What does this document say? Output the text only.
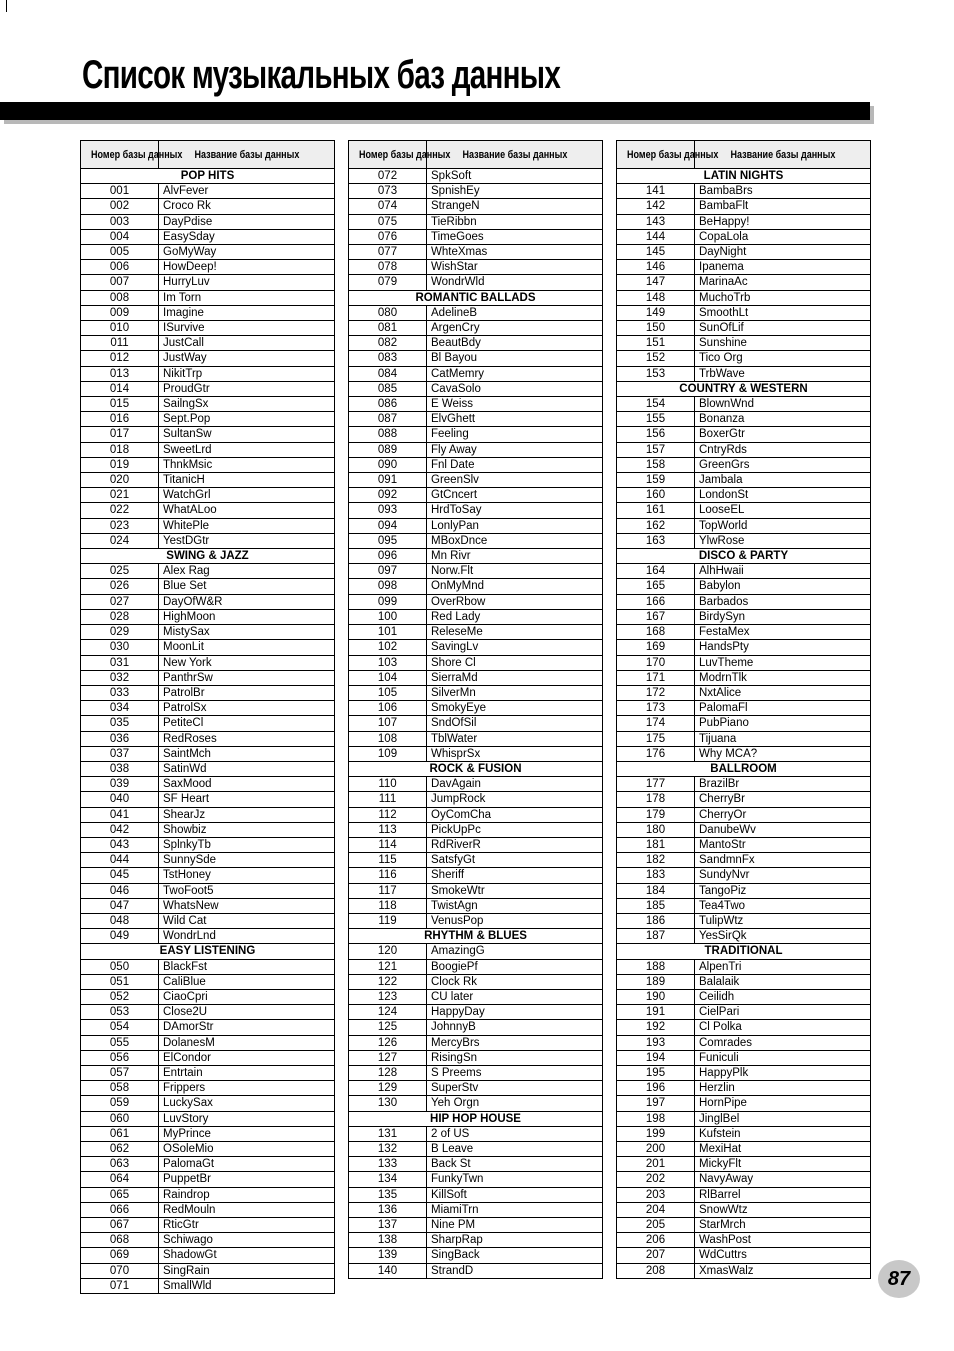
Список музыкальных баз данных
Номер базы данных	Название базы данных
POP HITS	
001	AlvFever
002	Croco Rk
003	DayPdise
004	EasySday
005	GoMyWay
006	HowDeep!
007	HurryLuv
008	Im Torn
009	Imagine
010	ISurvive
011	JustCall
012	JustWay
013	NikitTrp
014	ProudGtr
015	SailngSx
016	Sept.Pop
017	SultanSw
018	SweetLrd
019	ThnkMsic
020	TitanicH
021	WatchGrl
022	WhatALoo
023	WhitePle
024	YestDGtr
SWING & JAZZ	
025	Alex Rag
026	Blue Set
027	DayOfW&R
028	HighMoon
029	MistySax
030	MoonLit
031	New York
032	PanthrSw
033	PatrolBr
034	PatrolSx
035	PetiteCl
036	RedRoses
037	SaintMch
038	SatinWd
039	SaxMood
040	SF Heart
041	ShearJz
042	Showbiz
043	SplnkyTb
044	SunnySde
045	TstHoney
046	TwoFoot5
047	WhatsNew
048	Wild Cat
049	WondrLnd
EASY LISTENING	
050	BlackFst
051	CaliBlue
052	CiaoCpri
053	Close2U
054	DAmorStr
055	DolanesM
056	ElCondor
057	Entrtain
058	Frippers
059	LuckySax
060	LuvStory
061	MyPrince
062	OSoleMio
063	PalomaGt
064	PuppetBr
065	Raindrop
066	RedMouln
067	RticGtr
068	Schiwago
069	ShadowGt
070	SingRain
071	SmallWld
Номер базы данных	Название базы данных
072	SpkSoft
073	SpnishEy
074	StrangeN
075	TieRibbn
076	TimeGoes
077	WhteXmas
078	WishStar
079	WondrWld
ROMANTIC BALLADS	
080	AdelineB
081	ArgenCry
082	BeautBdy
083	Bl Bayou
084	CatMemry
085	CavaSolo
086	E Weiss
087	ElvGhett
088	Feeling
089	Fly Away
090	Fnl Date
091	GreenSlv
092	GtCncert
093	HrdToSay
094	LonlyPan
095	MBoxDnce
096	Mn Rivr
097	Norw.Flt
098	OnMyMnd
099	OverRbow
100	Red Lady
101	ReleseMe
102	SavingLv
103	Shore Cl
104	SierraMd
105	SilverMn
106	SmokyEye
107	SndOfSil
108	TblWater
109	WhisprSx
ROCK & FUSION	
110	DavAgain
111	JumpRock
112	OyComCha
113	PickUpPc
114	RdRiverR
115	SatsfyGt
116	Sheriff
117	SmokeWtr
118	TwistAgn
119	VenusPop
RHYTHM & BLUES	
120	AmazingG
121	BoogiePf
122	Clock Rk
123	CU later
124	HappyDay
125	JohnnyB
126	MercyBrs
127	RisingSn
128	S Preems
129	SuperStv
130	Yeh Orgn
HIP HOP HOUSE	
131	2 of US
132	B Leave
133	Back St
134	FunkyTwn
135	KillSoft
136	MiamiTrn
137	Nine PM
138	SharpRap
139	SingBack
140	StrandD
Номер базы данных	Название базы данных
LATIN NIGHTS	
141	BambaBrs
142	BambaFlt
143	BeHappy!
144	CopaLola
145	DayNight
146	Ipanema
147	MarinaAc
148	MuchoTrb
149	SmoothLt
150	SunOfLif
151	Sunshine
152	Tico Org
153	TrbWave
COUNTRY & WESTERN	
154	BlownWnd
155	Bonanza
156	BoxerGtr
157	CntryRds
158	GreenGrs
159	Jambala
160	LondonSt
161	LooseEL
162	TopWorld
163	YlwRose
DISCO & PARTY	
164	AlhHwaii
165	Babylon
166	Barbados
167	BirdySyn
168	FestaMex
169	HandsPty
170	LuvTheme
171	ModrnTlk
172	NxtAlice
173	PalomaFl
174	PubPiano
175	Tijuana
176	Why MCA?
BALLROOM	
177	BrazilBr
178	CherryBr
179	CherryOr
180	DanubeWv
181	MantoStr
182	SandmnFx
183	SundyNvr
184	TangoPiz
185	Tea4Two
186	TulipWtz
187	YesSirQk
TRADITIONAL	
188	AlpenTri
189	Balalaik
190	Ceilidh
191	CielPari
192	Cl Polka
193	Comrades
194	Funiculi
195	HappyPlk
196	Herzlin
197	HornPipe
198	JinglBel
199	Kufstein
200	MexiHat
201	MickyFlt
202	NavyAway
203	RlBarrel
204	SnowWtz
205	StarMrch
206	WashPost
207	WdCuttrs
208	XmasWalz	87
